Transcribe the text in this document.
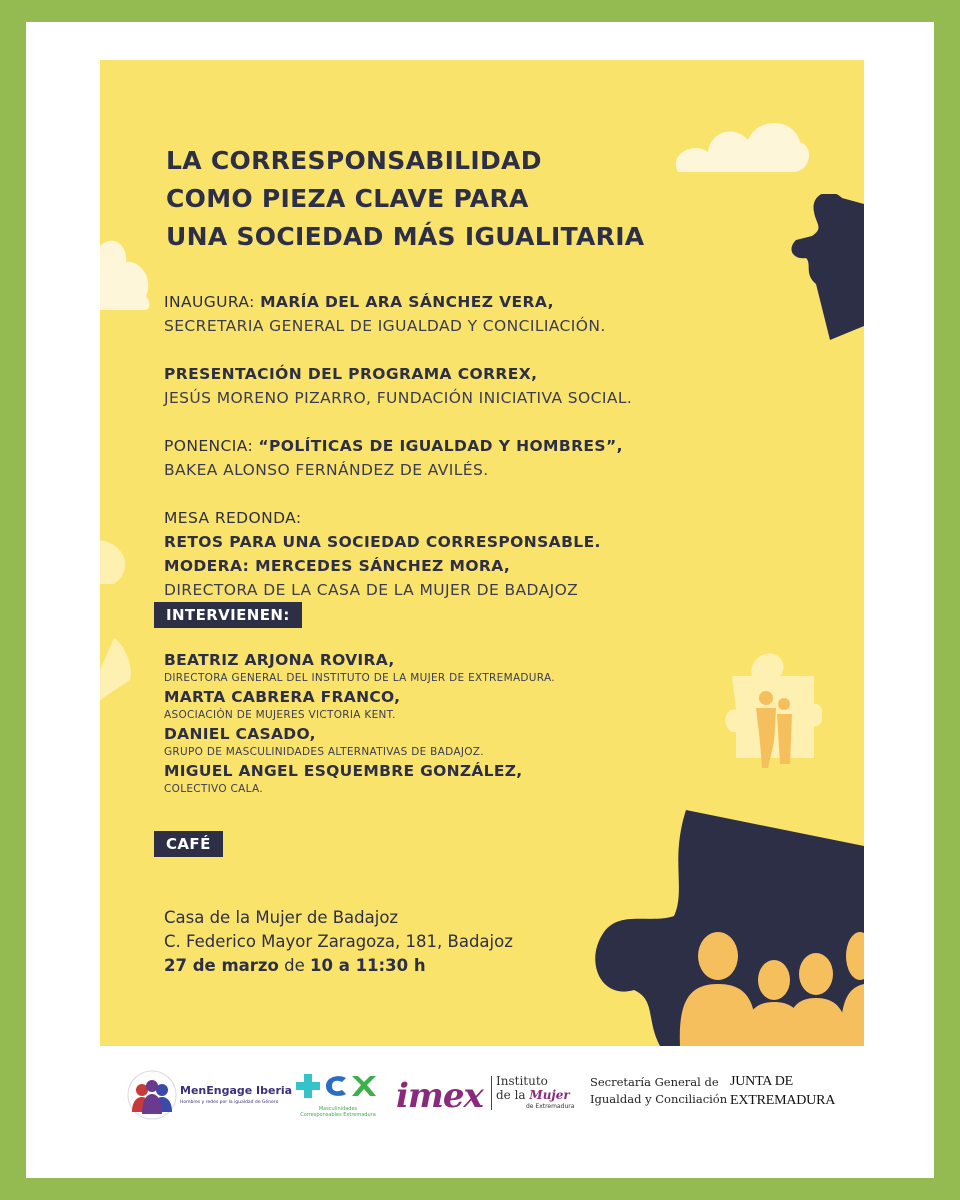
LA CORRESPONSABILIDAD
COMO PIEZA CLAVE PARA
UNA SOCIEDAD MÁS IGUALITARIA
INAUGURA: MARÍA DEL ARA SÁNCHEZ VERA,
SECRETARIA GENERAL DE IGUALDAD Y CONCILIACIÓN.
PRESENTACIÓN DEL PROGRAMA CORREX,
JESÚS MORENO PIZARRO, FUNDACIÓN INICIATIVA SOCIAL.
PONENCIA: “POLÍTICAS DE IGUALDAD Y HOMBRES”,
BAKEA ALONSO FERNÁNDEZ DE AVILÉS.
MESA REDONDA:
RETOS PARA UNA SOCIEDAD CORRESPONSABLE.
MODERA: MERCEDES SÁNCHEZ MORA,
DIRECTORA DE LA CASA DE LA MUJER DE BADAJOZ
INTERVIENEN:
BEATRIZ ARJONA ROVIRA,
DIRECTORA GENERAL DEL INSTITUTO DE LA MUJER DE EXTREMADURA.
MARTA CABRERA FRANCO,
ASOCIACIÓN DE MUJERES VICTORIA KENT.
DANIEL CASADO,
GRUPO DE MASCULINIDADES ALTERNATIVAS DE BADAJOZ.
MIGUEL ANGEL ESQUEMBRE GONZÁLEZ,
COLECTIVO CALA.
CAFÉ
Casa de la Mujer de Badajoz
C. Federico Mayor Zaragoza, 181, Badajoz
27 de marzo de 10 a 11:30 h
MenEngage Iberia
Hombres y redes por la igualdad de Género
Masculinidades Corresponsables Extremadura imex Instituto
de la Mujer
de Extremadura
Secretaría General de
Igualdad y Conciliación
JUNTA DE
EXTREMADURA
